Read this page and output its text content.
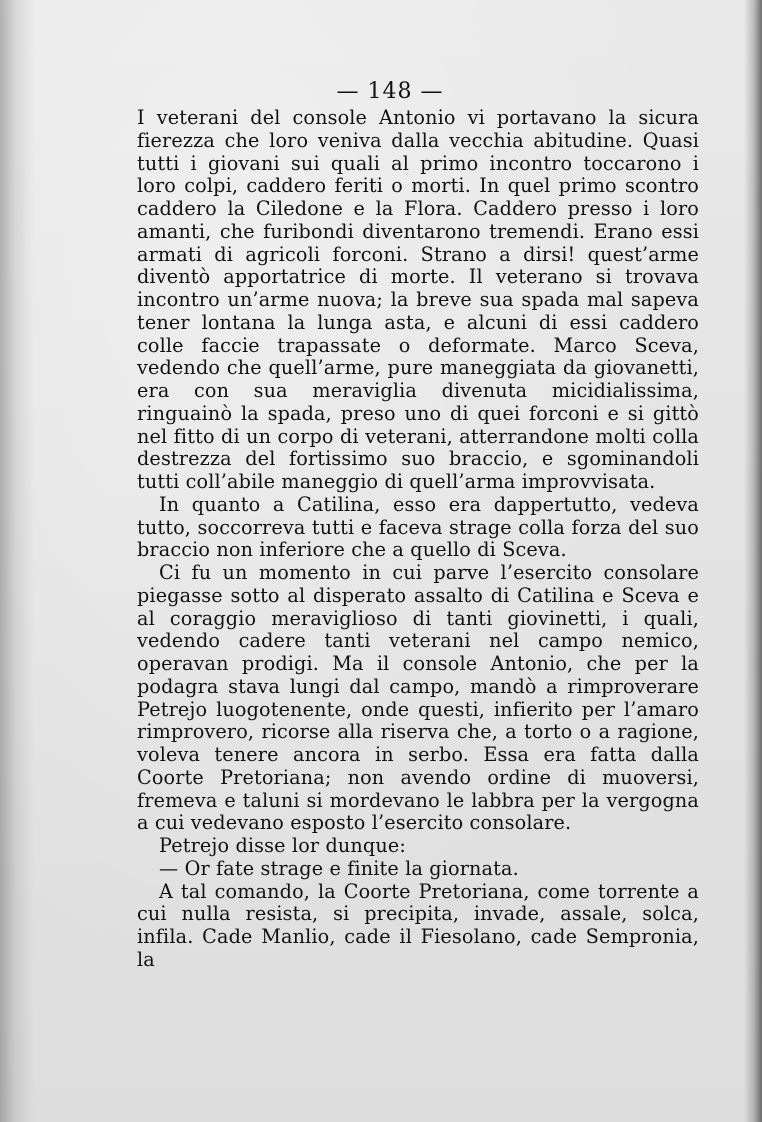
— 148 —

I veterani del console Antonio vi portavano la sicura fierezza che loro veniva dalla vecchia abitudine. Quasi tutti i giovani sui quali al primo incontro toccarono i loro colpi, caddero feriti o morti. In quel primo scontro caddero la Ciledone e la Flora. Caddero presso i loro amanti, che furibondi diventarono tremendi. Erano essi armati di agricoli forconi. Strano a dirsi! quest’arme diventò apportatrice di morte. Il veterano si trovava incontro un’arme nuova; la breve sua spada mal sapeva tener lontana la lunga asta, e alcuni di essi caddero colle faccie trapassate o deformate. Marco Sceva, vedendo che quell’arme, pure maneggiata da giovanetti, era con sua meraviglia divenuta micidialissima, ringuainò la spada, preso uno di quei forconi e si gittò nel fitto di un corpo di veterani, atterrandone molti colla destrezza del fortissimo suo braccio, e sgominandoli tutti coll’abile maneggio di quell’arma improvvisata.

In quanto a Catilina, esso era dappertutto, vedeva tutto, soccorreva tutti e faceva strage colla forza del suo braccio non inferiore che a quello di Sceva.

Ci fu un momento in cui parve l’esercito consolare piegasse sotto al disperato assalto di Catilina e Sceva e al coraggio meraviglioso di tanti giovinetti, i quali, vedendo cadere tanti veterani nel campo nemico, operavan prodigi. Ma il console Antonio, che per la podagra stava lungi dal campo, mandò a rimproverare Petrejo luogotenente, onde questi, infierito per l’amaro rimprovero, ricorse alla riserva che, a torto o a ragione, voleva tenere ancora in serbo. Essa era fatta dalla Coorte Pretoriana; non avendo ordine di muoversi, fremeva e taluni si mordevano le labbra per la vergogna a cui vedevano esposto l’esercito consolare.

Petrejo disse lor dunque:

— Or fate strage e finite la giornata.

A tal comando, la Coorte Pretoriana, come torrente a cui nulla resista, si precipita, invade, assale, solca, infila. Cade Manlio, cade il Fiesolano, cade Sempronia, la
